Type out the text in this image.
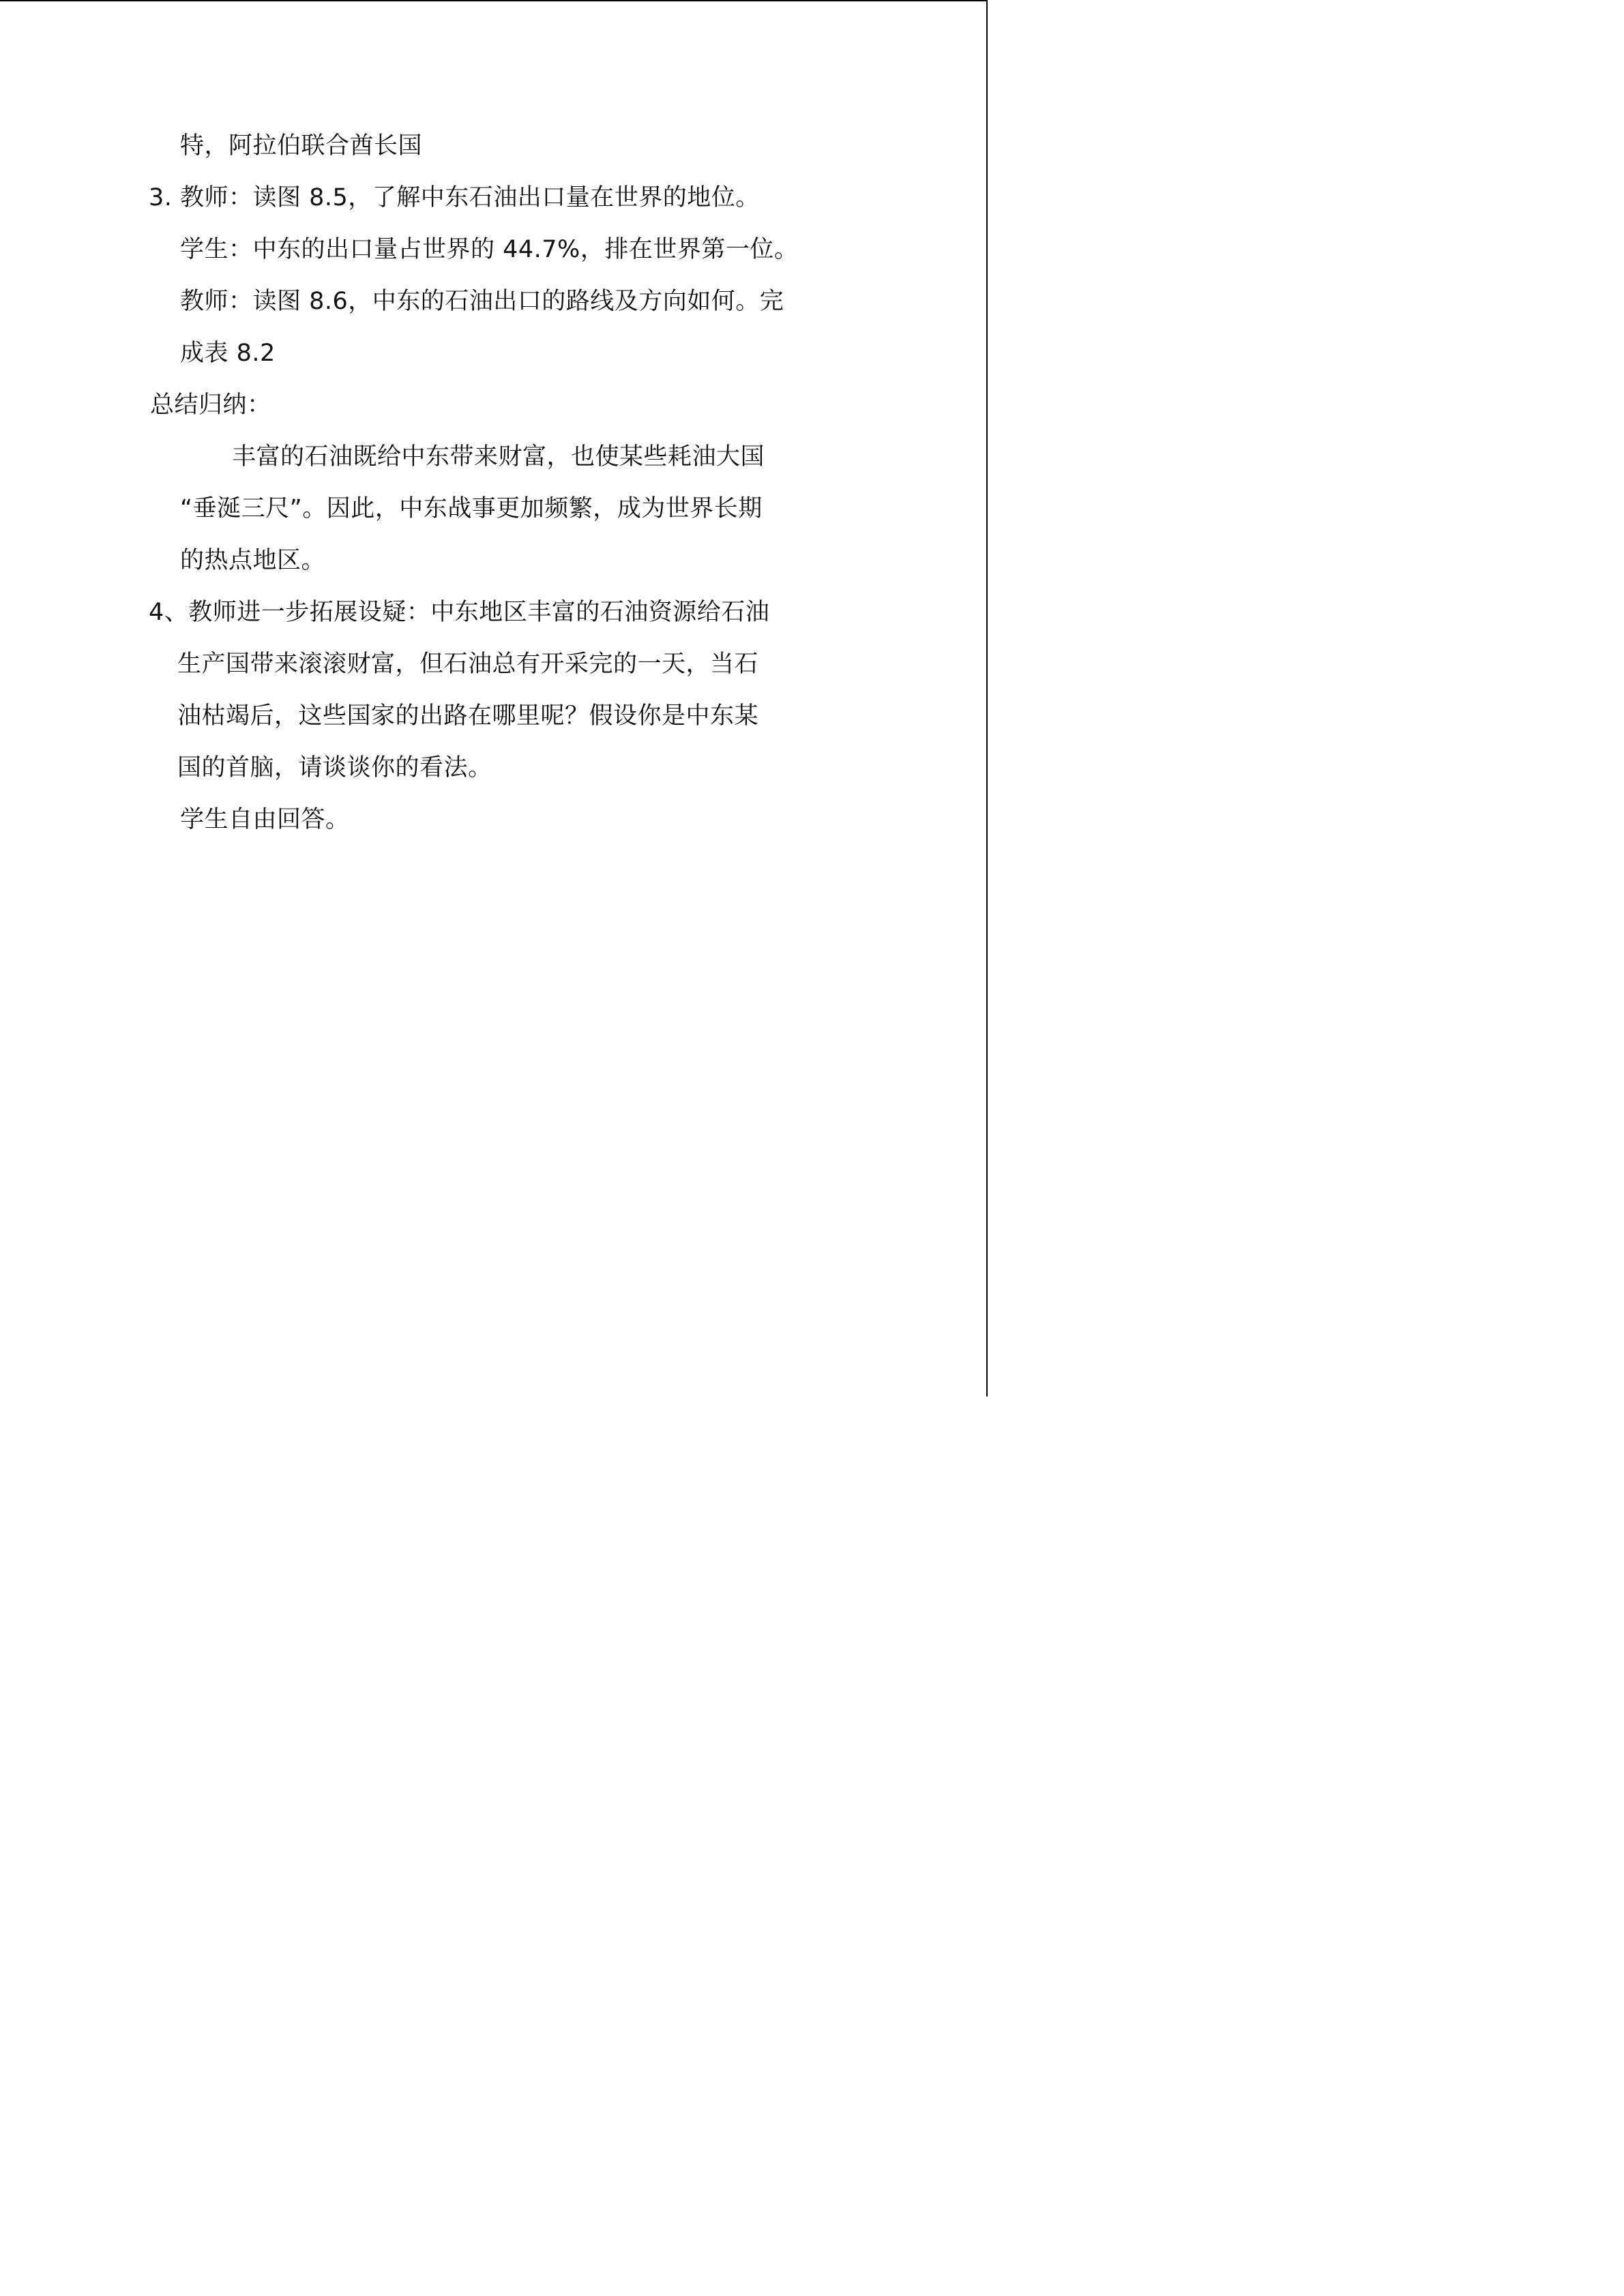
特，阿拉伯联合酋长国
3. 教师：读图 8.5，了解中东石油出口量在世界的地位。
学生：中东的出口量占世界的 44.7%，排在世界第一位。
教师：读图 8.6，中东的石油出口的路线及方向如何。完
成表 8.2
总结归纳：
丰富的石油既给中东带来财富，也使某些耗油大国
“垂涎三尺”。因此，中东战事更加频繁，成为世界长期
的热点地区。
4、教师进一步拓展设疑：中东地区丰富的石油资源给石油
生产国带来滚滚财富，但石油总有开采完的一天，当石
油枯竭后，这些国家的出路在哪里呢？假设你是中东某
国的首脑，请谈谈你的看法。
学生自由回答。
